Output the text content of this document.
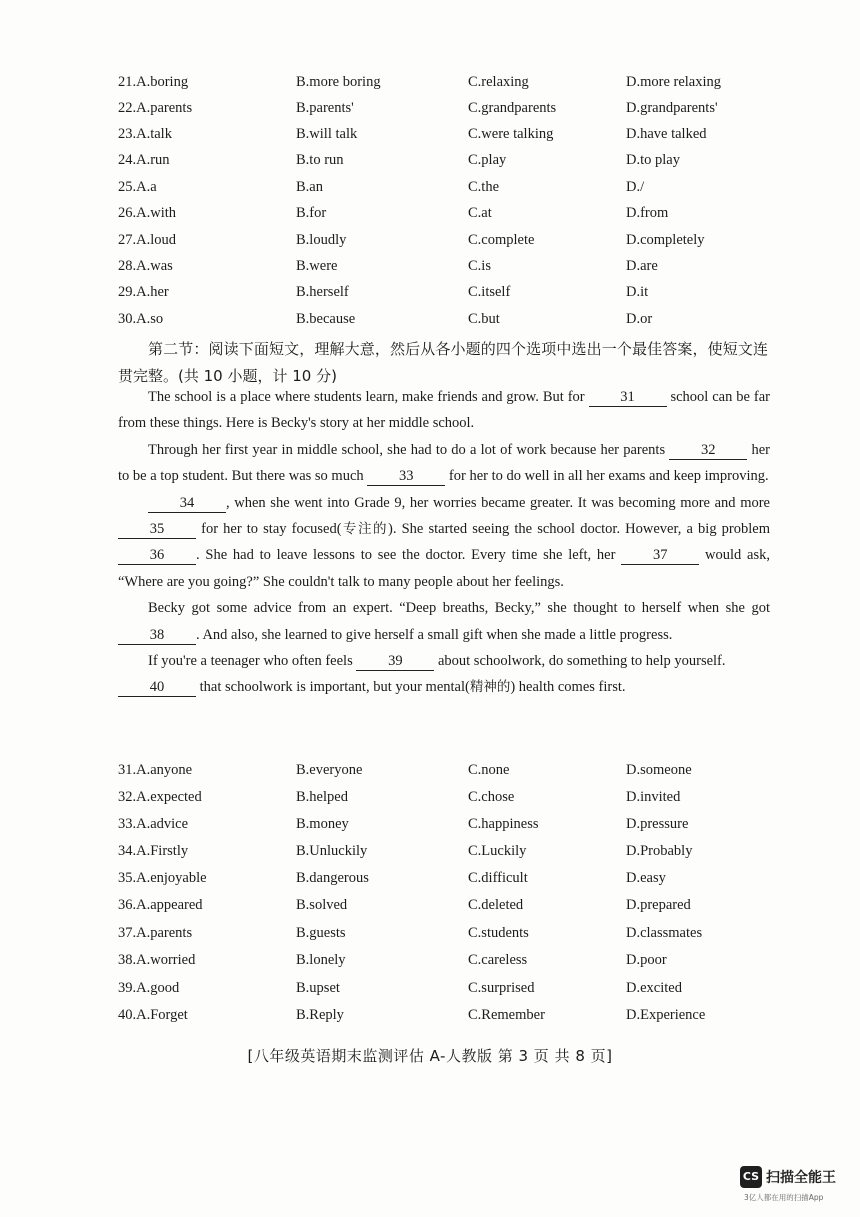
21.A.boring	B.more boring	C.relaxing	D.more relaxing
22.A.parents	B.parents'	C.grandparents	D.grandparents'
23.A.talk	B.will talk	C.were talking	D.have talked
24.A.run	B.to run	C.play	D.to play
25.A.a	B.an	C.the	D./
26.A.with	B.for	C.at	D.from
27.A.loud	B.loudly	C.complete	D.completely
28.A.was	B.were	C.is	D.are
29.A.her	B.herself	C.itself	D.it
30.A.so	B.because	C.but	D.or
第二节：阅读下面短文，理解大意，然后从各小题的四个选项中选出一个最佳答案，使短文连贯完整。(共 10 小题，计 10 分)

The school is a place where students learn, make friends and grow. But for 31 school can be far from these things. Here is Becky's story at her middle school.

Through her first year in middle school, she had to do a lot of work because her parents 32 her to be a top student. But there was so much 33 for her to do well in all her exams and keep improving.

34 , when she went into Grade 9, her worries became greater. It was becoming more and more 35 for her to stay focused(专注的). She started seeing the school doctor. However, a big problem 36 . She had to leave lessons to see the doctor. Every time she left, her 37 would ask, “Where are you going?” She couldn't talk to many people about her feelings.

Becky got some advice from an expert. “Deep breaths, Becky,” she thought to herself when she got 38 . And also, she learned to give herself a small gift when she made a little progress.

If you're a teenager who often feels 39 about schoolwork, do something to help yourself.
40 that schoolwork is important, but your mental(精神的) health comes first.

31.A.anyone	B.everyone	C.none	D.someone
32.A.expected	B.helped	C.chose	D.invited
33.A.advice	B.money	C.happiness	D.pressure
34.A.Firstly	B.Unluckily	C.Luckily	D.Probably
35.A.enjoyable	B.dangerous	C.difficult	D.easy
36.A.appeared	B.solved	C.deleted	D.prepared
37.A.parents	B.guests	C.students	D.classmates
38.A.worried	B.lonely	C.careless	D.poor
39.A.good	B.upset	C.surprised	D.excited
40.A.Forget	B.Reply	C.Remember	D.Experience
[八年级英语期末监测评估 A-人教版 第 3 页 共 8 页]
CS 扫描全能王
3亿人都在用的扫描App
